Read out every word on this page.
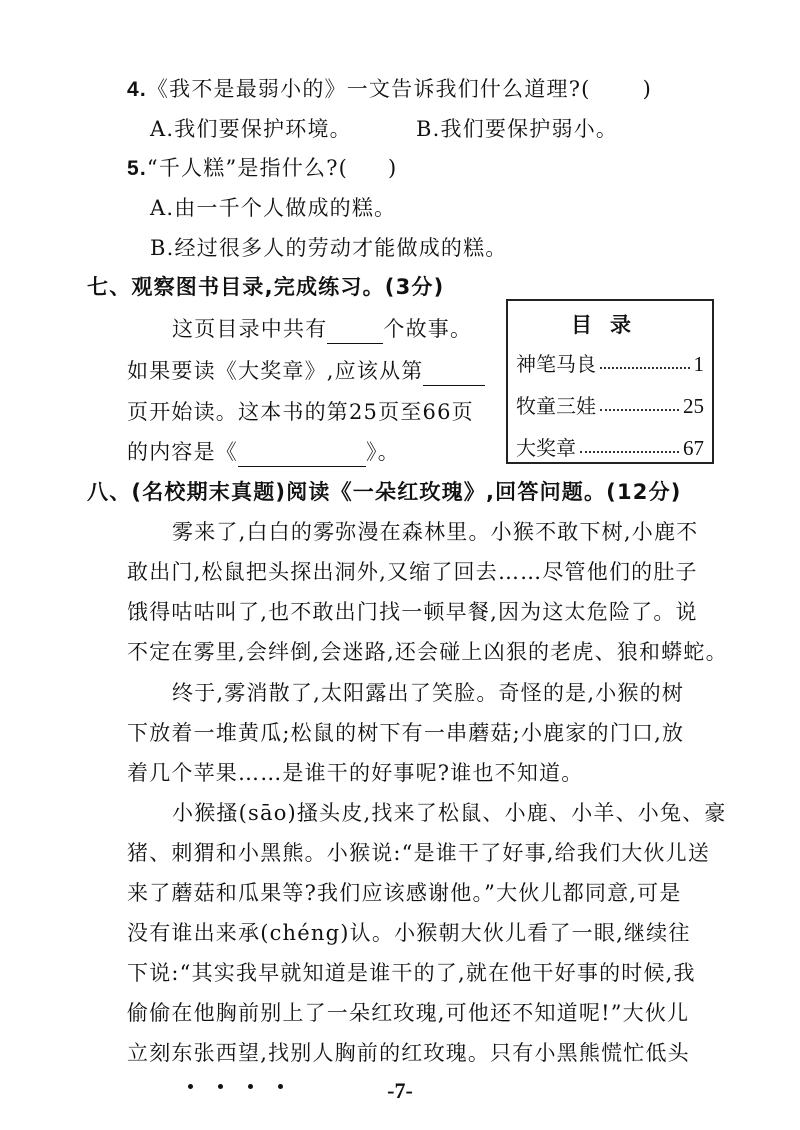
4.《我不是最弱小的》一文告诉我们什么道理?( )
A.我们要保护环境。	B.我们要保护弱小。
5.“千人糕”是指什么?( )
A.由一千个人做成的糕。
B.经过很多人的劳动才能做成的糕。
七、观察图书目录,完成练习。(3分)
这页目录中共有	个故事。
如果要读《大奖章》,应该从第
页开始读。这本书的第25页至66页
的内容是《	》。
目录
神笔马良	1
牧童三娃	25
大奖章	67
八、(名校期末真题)阅读《一朵红玫瑰》,回答问题。(12分)
雾来了,白白的雾弥漫在森林里。小猴不敢下树,小鹿不
敢出门,松鼠把头探出洞外,又缩了回去……尽管他们的肚子
饿得咕咕叫了,也不敢出门找一顿早餐,因为这太危险了。说
不定在雾里,会绊倒,会迷路,还会碰上凶狠的老虎、狼和蟒蛇。
终于,雾消散了,太阳露出了笑脸。奇怪的是,小猴的树
下放着一堆黄瓜;松鼠的树下有一串蘑菇;小鹿家的门口,放
着几个苹果……是谁干的好事呢?谁也不知道。
小猴搔(sāo)搔头皮,找来了松鼠、小鹿、小羊、小兔、豪
猪、刺猬和小黑熊。小猴说:“是谁干了好事,给我们大伙儿送
来了蘑菇和瓜果等?我们应该感谢他。”大伙儿都同意,可是
没有谁出来承(chéng)认。小猴朝大伙儿看了一眼,继续往
下说:“其实我早就知道是谁干的了,就在他干好事的时候,我
偷偷在他胸前别上了一朵红玫瑰,可他还不知道呢!”大伙儿
立刻东张西望,找别人胸前的红玫瑰。只有小黑熊慌忙低头
-7-
